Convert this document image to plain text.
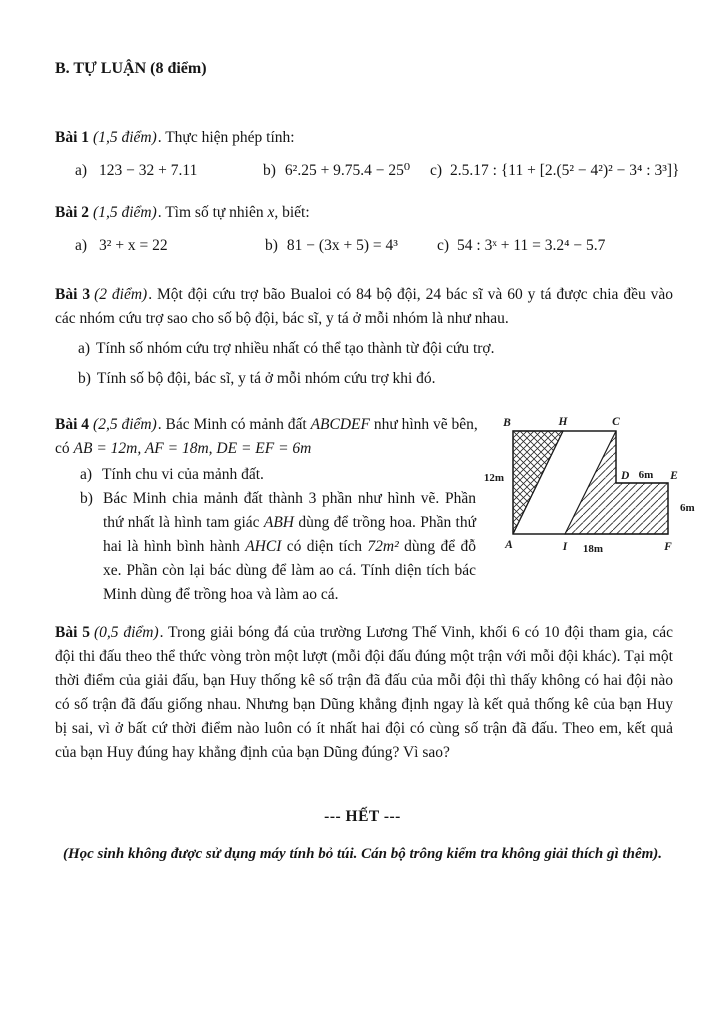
B. TỰ LUẬN (8 điểm)
Bài 1 (1,5 điểm). Thực hiện phép tính:
a) 123 − 32 + 7.11	b) 6².25 + 9.75.4 − 25⁰ c) 2.5.17 : {11 + [2.(5² − 4²)² − 3⁴ : 3³]}
Bài 2 (1,5 điểm). Tìm số tự nhiên x, biết:
a) 3² + x = 22	b) 81 − (3x + 5) = 4³	c) 54 : 3ˣ + 11 = 3.2⁴ − 5.7
Bài 3 (2 điểm). Một đội cứu trợ bão Bualoi có 84 bộ đội, 24 bác sĩ và 60 y tá được chia đều vào các nhóm cứu trợ sao cho số bộ đội, bác sĩ, y tá ở mỗi nhóm là như nhau.
a) Tính số nhóm cứu trợ nhiều nhất có thể tạo thành từ đội cứu trợ.
b) Tính số bộ đội, bác sĩ, y tá ở mỗi nhóm cứu trợ khi đó.
Bài 4 (2,5 điểm). Bác Minh có mảnh đất ABCDEF như hình vẽ bên,
có AB = 12m, AF = 18m, DE = EF = 6m
a) Tính chu vi của mảnh đất.
b) Bác Minh chia mảnh đất thành 3 phần như hình vẽ. Phần thứ nhất là hình tam giác ABH dùng để trồng hoa. Phần thứ hai là hình bình hành AHCI có diện tích 72m² dùng để đỗ xe. Phần còn lại bác dùng để làm ao cá. Tính diện tích bác Minh dùng để trồng hoa và làm ao cá.
B	H	C
D	E
F
A	I
12m
18m
6m
6m
Bài 5 (0,5 điểm). Trong giải bóng đá của trường Lương Thế Vinh, khối 6 có 10 đội tham gia, các đội thi đấu theo thể thức vòng tròn một lượt (mỗi đội đấu đúng một trận với mỗi đội khác). Tại một thời điểm của giải đấu, bạn Huy thống kê số trận đã đấu của mỗi đội thì thấy không có hai đội nào có số trận đã đấu giống nhau. Nhưng bạn Dũng khẳng định ngay là kết quả thống kê của bạn Huy bị sai, vì ở bất cứ thời điểm nào luôn có ít nhất hai đội có cùng số trận đã đấu. Theo em, kết quả của bạn Huy đúng hay khẳng định của bạn Dũng đúng? Vì sao?
--- HẾT ---
(Học sinh không được sử dụng máy tính bỏ túi. Cán bộ trông kiểm tra không giải thích gì thêm).
